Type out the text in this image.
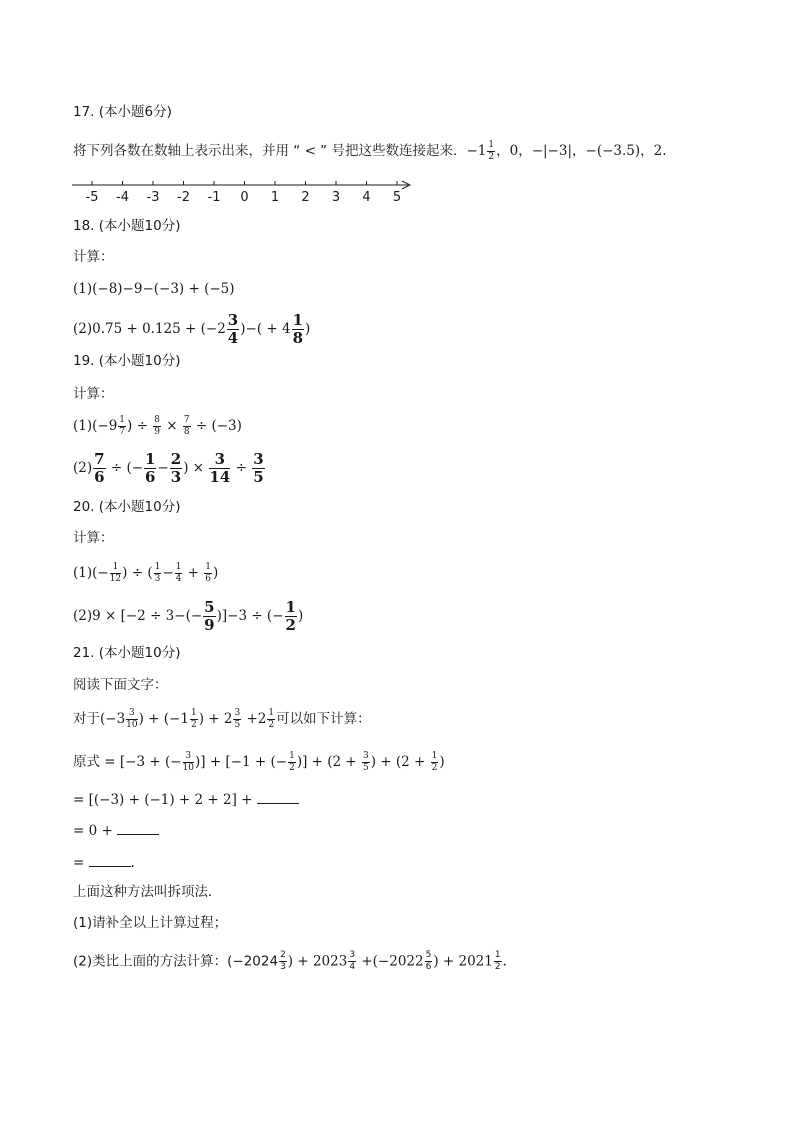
17. (本小题6分)
将下列各数在数轴上表示出来，并用 “ < ” 号把这些数连接起来．$-1 \frac{1}{2}$ ，0，−|−3|，−(−3.5)，2.
-5 -4 -3 -2 -1 0 1 2 3 4 5
18. (本小题10分)
计算：
(1)(−8)−9−(−3) + (−5)
$(2)0.75 + 0.125 + (-2 \frac{3}{4}$ )−( + $4 \frac{1}{8}$ )
19. (本小题10分)
计算：
$(1)(-9 \frac{1}{7}$ ) ÷ $\frac{8}{9} \times \frac{7}{8} \div (-3)$
$(2) \frac{7}{6}$ ÷ (− $\frac{1}{6} - \frac{2}{3}$ ) × $\frac{3}{14} \div \frac{3}{5}$
20. (本小题10分)
计算：
$(1)(- \frac{1}{12}$ ) ÷ ( $\frac{1}{3} - \frac{1}{4} + \frac{1}{6}$ )
$(2)9 \times [-2 \div 3-(- \frac{5}{9} )]-3$ ÷ (− $\frac{1}{2}$ )
21. (本小题10分)
阅读下面文字：
对于($-3 \frac{3}{10}$ ) + ($-1 \frac{1}{2}$ ) + $2 \frac{3}{5} +2 \frac{1}{2}$ 可以如下计算：
原式 = [−3 + (− $\frac{3}{10}$ )] + [−1 + (− $\frac{1}{2}$ )] + ($2 + \frac{3}{5}$ ) + ($2 + \frac{1}{2}$ )
= [(−3) + (−1) + 2 + 2] +
= 0 +
=	.
上面这种方法叫拆项法．
(1)请补全以上计算过程；
(2)类比上面的方法计算：($-2024 \frac{2}{3}$ ) + $2023 \frac{3}{4} +(-2022 \frac{5}{6}$ ) + $2021 \frac{1}{2}$ .
